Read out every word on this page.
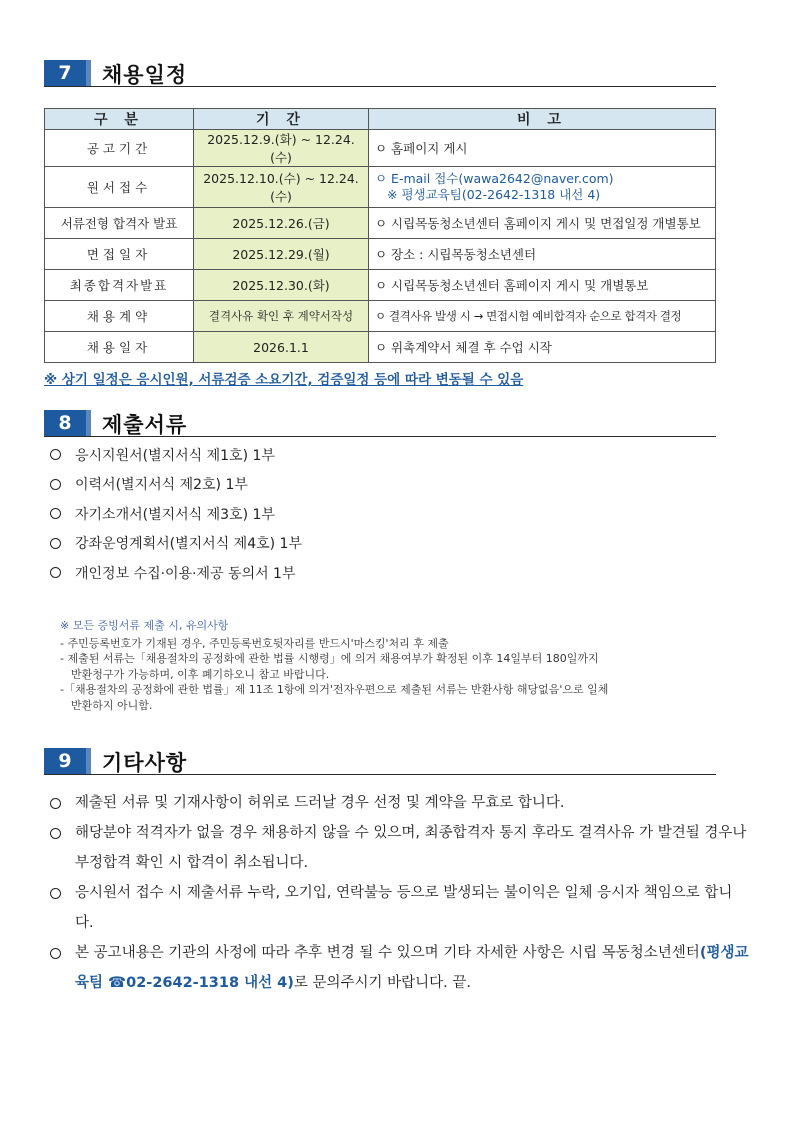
7	채용일정
구 분	기 간	비 고
공고기간	2025.12.9.(화) ~ 12.24.(수)	ㅇ 홈페이지 게시
원서접수	2025.12.10.(수) ~ 12.24.(수)	ㅇ E-mail 접수(wawa2642@naver.com)
※ 평생교육팀(02-2642-1318 내선 4)

서류전형 합격자 발표	2025.12.26.(금)	ㅇ 시립목동청소년센터 홈페이지 게시 및 면접일정 개별통보
면접일자	2025.12.29.(월)	ㅇ 장소 : 시립목동청소년센터
최종합격자발표	2025.12.30.(화)	ㅇ 시립목동청소년센터 홈페이지 게시 및 개별통보
채용계약	결격사유 확인 후 계약서작성	ㅇ 결격사유 발생 시 → 면접시험 예비합격자 순으로 합격자 결정
채용일자	2026.1.1	ㅇ 위촉계약서 체결 후 수업 시작
※ 상기 일정은 응시인원, 서류검증 소요기간, 검증일정 등에 따라 변동될 수 있음
8	제출서류
응시지원서(별지서식 제1호) 1부
이력서(별지서식 제2호) 1부
자기소개서(별지서식 제3호) 1부
강좌운영계획서(별지서식 제4호) 1부
개인정보 수집·이용·제공 동의서 1부
※ 모든 증빙서류 제출 시, 유의사항
- 주민등록번호가 기재된 경우, 주민등록번호뒷자리를 반드시'마스킹'처리 후 제출
- 제출된 서류는「채용절차의 공정화에 관한 법률 시행령」에 의거 채용여부가 확정된 이후 14일부터 180일까지
반환청구가 가능하며, 이후 폐기하오니 참고 바랍니다.
-「채용절차의 공정화에 관한 법률」제 11조 1항에 의거'전자우편으로 제출된 서류는 반환사항 해당없음'으로 일체
반환하지 아니함.
9	기타사항
제출된 서류 및 기재사항이 허위로 드러날 경우 선정 및 계약을 무효로 합니다.
해당분야 적격자가 없을 경우 채용하지 않을 수 있으며, 최종합격자 통지 후라도 결격사유 가 발견될 경우나 부정합격 확인 시 합격이 취소됩니다.
응시원서 접수 시 제출서류 누락, 오기입, 연락불능 등으로 발생되는 불이익은 일체 응시자 책임으로 합니다.
본 공고내용은 기관의 사정에 따라 추후 변경 될 수 있으며 기타 자세한 사항은 시립 목동청소년센터(평생교육팀 ☎02-2642-1318 내선 4)로 문의주시기 바랍니다. 끝.
